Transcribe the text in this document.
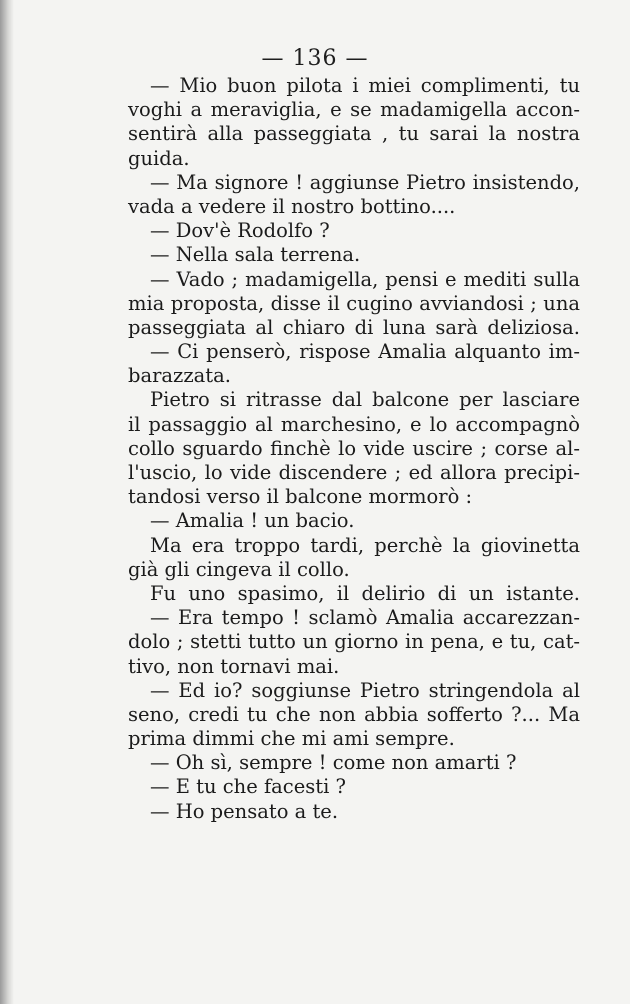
— 136 —
— Mio buon pilota i miei complimenti, tu
voghi a meraviglia, e se madamigella accon-
sentirà alla passeggiata , tu sarai la nostra
guida.
— Ma signore ! aggiunse Pietro insistendo,
vada a vedere il nostro bottino....
— Dov'è Rodolfo ?
— Nella sala terrena.
— Vado ; madamigella, pensi e mediti sulla
mia proposta, disse il cugino avviandosi ; una
passeggiata al chiaro di luna sarà deliziosa.
— Ci penserò, rispose Amalia alquanto im-
barazzata.
Pietro si ritrasse dal balcone per lasciare
il passaggio al marchesino, e lo accompagnò
collo sguardo finchè lo vide uscire ; corse al-
l'uscio, lo vide discendere ; ed allora precipi-
tandosi verso il balcone mormorò :
— Amalia ! un bacio.
Ma era troppo tardi, perchè la giovinetta
già gli cingeva il collo.
Fu uno spasimo, il delirio di un istante.
— Era tempo ! sclamò Amalia accarezzan-
dolo ; stetti tutto un giorno in pena, e tu, cat-
tivo, non tornavi mai.
— Ed io? soggiunse Pietro stringendola al
seno, credi tu che non abbia sofferto ?... Ma
prima dimmi che mi ami sempre.
— Oh sì, sempre ! come non amarti ?
— E tu che facesti ?
— Ho pensato a te.
